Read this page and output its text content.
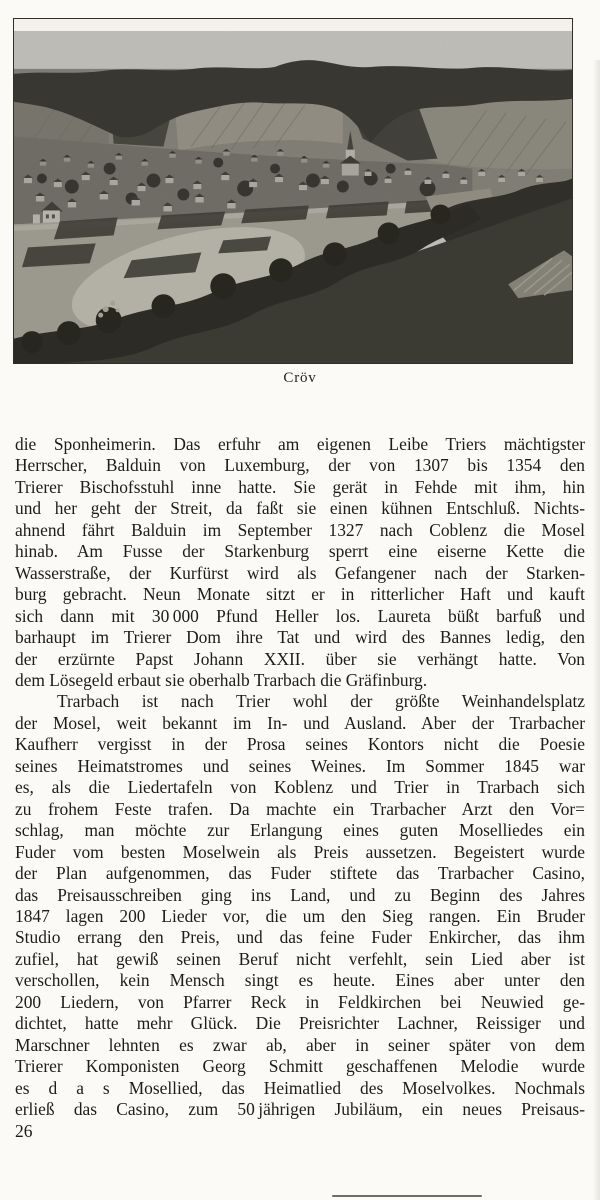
Cröv
die Sponheimerin. Das erfuhr am eigenen Leibe Triers mächtigster
Herrscher, Balduin von Luxemburg, der von 1307 bis 1354 den
Trierer Bischofsstuhl inne hatte. Sie gerät in Fehde mit ihm, hin
und her geht der Streit, da faßt sie einen kühnen Entschluß. Nichts-
ahnend fährt Balduin im September 1327 nach Coblenz die Mosel
hinab. Am Fusse der Starkenburg sperrt eine eiserne Kette die
Wasserstraße, der Kurfürst wird als Gefangener nach der Starken-
burg gebracht. Neun Monate sitzt er in ritterlicher Haft und kauft
sich dann mit 30 000 Pfund Heller los. Laureta büßt barfuß und
barhaupt im Trierer Dom ihre Tat und wird des Bannes ledig, den
der erzürnte Papst Johann XXII. über sie verhängt hatte. Von
dem Lösegeld erbaut sie oberhalb Trarbach die Gräfinburg.
Trarbach ist nach Trier wohl der größte Weinhandelsplatz
der Mosel, weit bekannt im In- und Ausland. Aber der Trarbacher
Kaufherr vergisst in der Prosa seines Kontors nicht die Poesie
seines Heimatstromes und seines Weines. Im Sommer 1845 war
es, als die Liedertafeln von Koblenz und Trier in Trarbach sich
zu frohem Feste trafen. Da machte ein Trarbacher Arzt den Vor=
schlag, man möchte zur Erlangung eines guten Moselliedes ein
Fuder vom besten Moselwein als Preis aussetzen. Begeistert wurde
der Plan aufgenommen, das Fuder stiftete das Trarbacher Casino,
das Preisausschreiben ging ins Land, und zu Beginn des Jahres
1847 lagen 200 Lieder vor, die um den Sieg rangen. Ein Bruder
Studio errang den Preis, und das feine Fuder Enkircher, das ihm
zufiel, hat gewiß seinen Beruf nicht verfehlt, sein Lied aber ist
verschollen, kein Mensch singt es heute. Eines aber unter den
200 Liedern, von Pfarrer Reck in Feldkirchen bei Neuwied ge-
dichtet, hatte mehr Glück. Die Preisrichter Lachner, Reissiger und
Marschner lehnten es zwar ab, aber in seiner später von dem
Trierer Komponisten Georg Schmitt geschaffenen Melodie wurde
es d a s Mosellied, das Heimatlied des Moselvolkes. Nochmals
erließ das Casino, zum 50 jährigen Jubiläum, ein neues Preisaus-
26
